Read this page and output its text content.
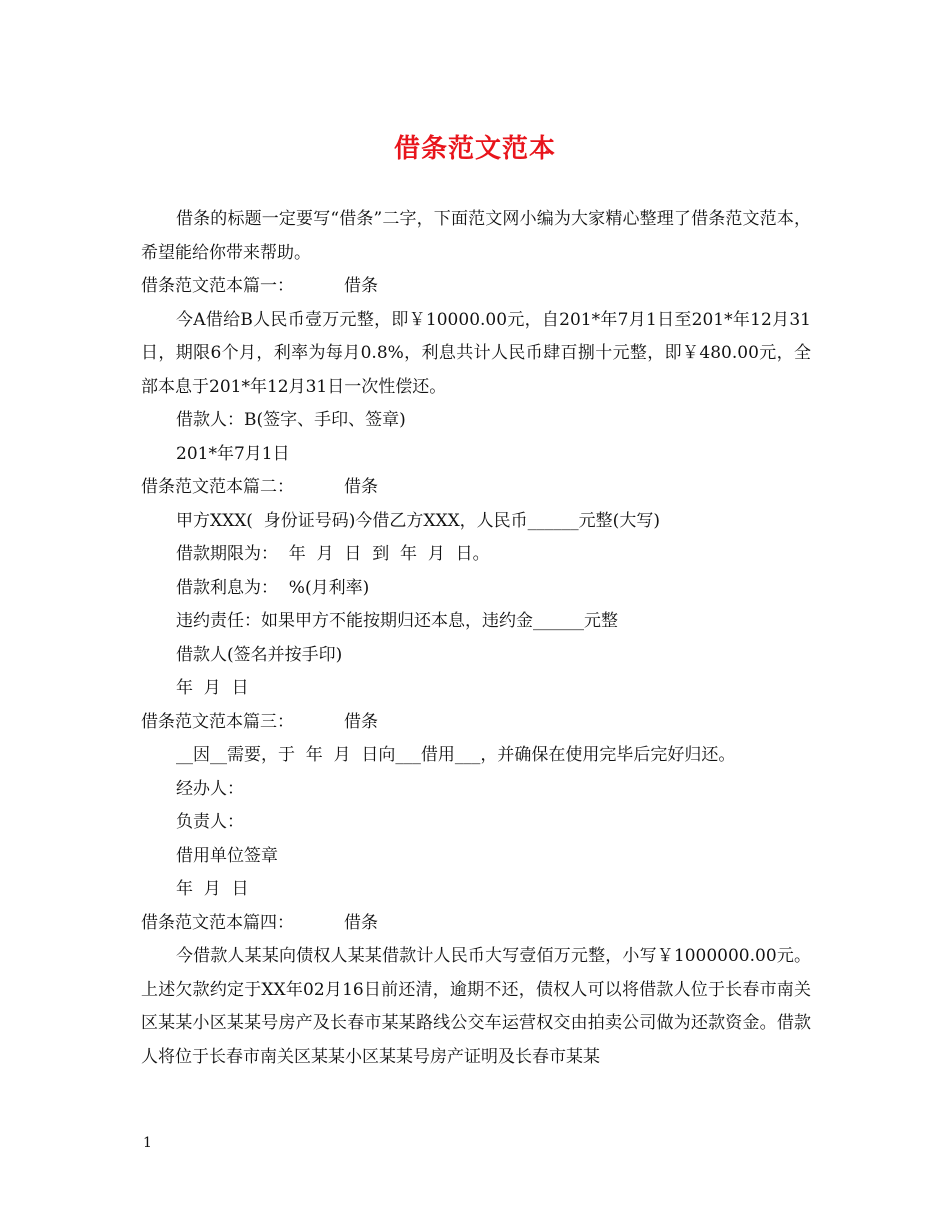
借条范文范本

借条的标题一定要写“借条”二字，下面范文网小编为大家精心整理了借条范文范本，希望能给你带来帮助。

借条范文范本篇一：	借条

今A借给B人民币壹万元整，即￥10000.00元，自201*年7月1日至201*年12月31日，期限6个月，利率为每月0.8%，利息共计人民币肆百捌十元整，即￥480.00元，全部本息于201*年12月31日一次性偿还。

借款人：B(签字、手印、签章)

201*年7月1日

借条范文范本篇二：	借条

甲方XXX(  身份证号码)今借乙方XXX，人民币______元整(大写)

借款期限为：  年  月  日  到  年  月  日。

借款利息为：  %(月利率)

违约责任：如果甲方不能按期归还本息，违约金______元整

借款人(签名并按手印)

年  月  日

借条范文范本篇三：	借条

__因__需要，于  年  月  日向___借用___，并确保在使用完毕后完好归还。

经办人：

负责人：

借用单位签章

年  月  日

借条范文范本篇四：	借条

今借款人某某向债权人某某借款计人民币大写壹佰万元整，小写￥1000000.00元。上述欠款约定于XX年02月16日前还清，逾期不还，债权人可以将借款人位于长春市南关区某某小区某某号房产及长春市某某路线公交车运营权交由拍卖公司做为还款资金。借款人将位于长春市南关区某某小区某某号房产证明及长春市某某

1
